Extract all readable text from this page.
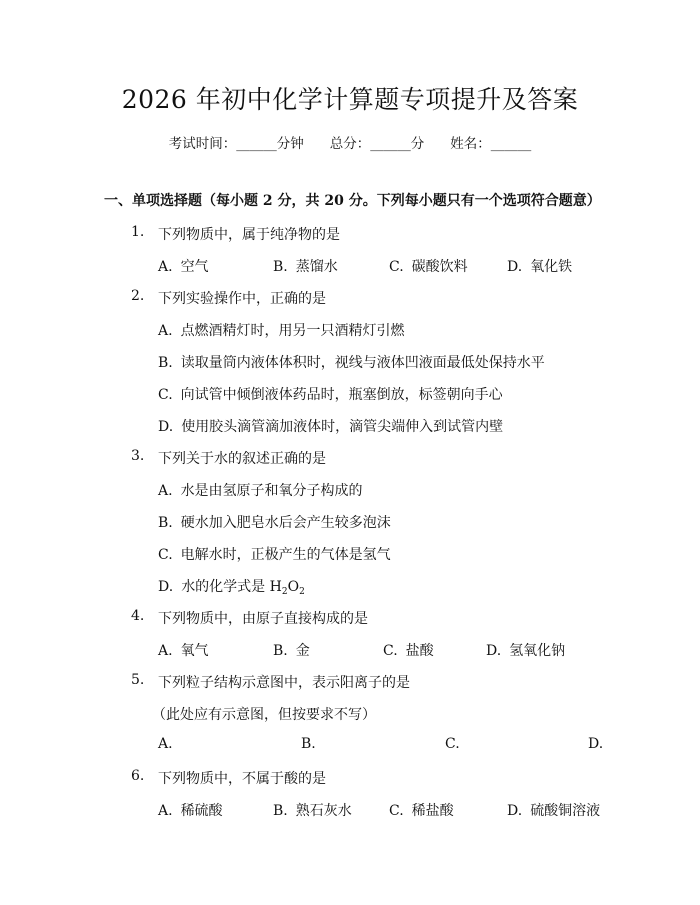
2026 年初中化学计算题专项提升及答案
考试时间：______分钟 总分：______分 姓名：______
一、单项选择题（每小题 2 分，共 20 分。下列每小题只有一个选项符合题意）
1. 下列物质中，属于纯净物的是
A. 空气	B. 蒸馏水	C. 碳酸饮料	D. 氧化铁
2. 下列实验操作中，正确的是
A. 点燃酒精灯时，用另一只酒精灯引燃
B. 读取量筒内液体体积时，视线与液体凹液面最低处保持水平
C. 向试管中倾倒液体药品时，瓶塞倒放，标签朝向手心
D. 使用胶头滴管滴加液体时，滴管尖端伸入到试管内壁
3. 下列关于水的叙述正确的是
A. 水是由氢原子和氧分子构成的
B. 硬水加入肥皂水后会产生较多泡沫
C. 电解水时，正极产生的气体是氢气
D. 水的化学式是 $H_2O_2$
4. 下列物质中，由原子直接构成的是
A. 氧气	B. 金	C. 盐酸	D. 氢氧化钠
5. 下列粒子结构示意图中，表示阳离子的是
（此处应有示意图，但按要求不写）
A.	B.	C.	D.
6. 下列物质中，不属于酸的是
A. 稀硫酸	B. 熟石灰水	C. 稀盐酸	D. 硫酸铜溶液
